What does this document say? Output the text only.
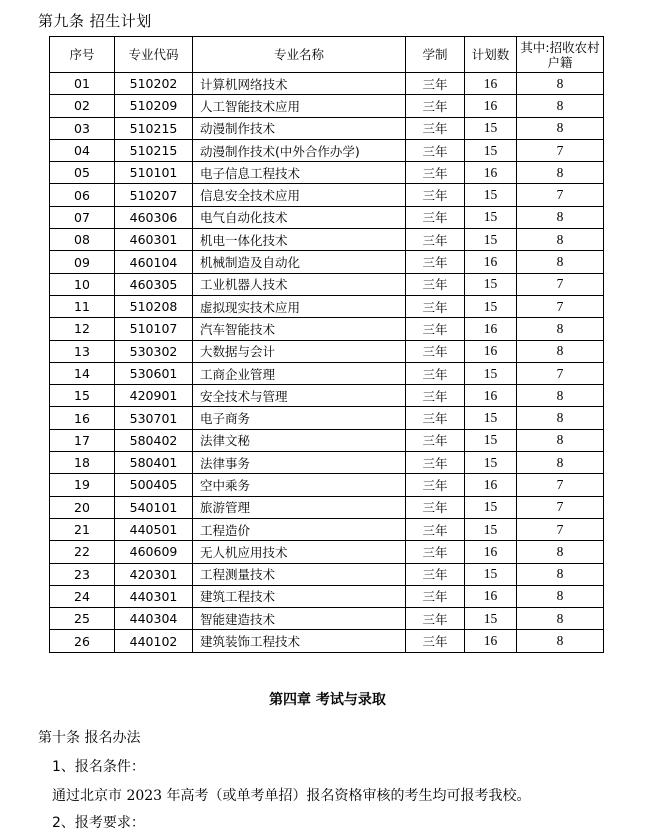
第九条 招生计划
序号	专业代码	专业名称	学制	计划数	其中:招收农村户籍
01	510202	计算机网络技术	三年	16	8
02	510209	人工智能技术应用	三年	16	8
03	510215	动漫制作技术	三年	15	8
04	510215	动漫制作技术(中外合作办学)	三年	15	7
05	510101	电子信息工程技术	三年	16	8
06	510207	信息安全技术应用	三年	15	7
07	460306	电气自动化技术	三年	15	8
08	460301	机电一体化技术	三年	15	8
09	460104	机械制造及自动化	三年	16	8
10	460305	工业机器人技术	三年	15	7
11	510208	虚拟现实技术应用	三年	15	7
12	510107	汽车智能技术	三年	16	8
13	530302	大数据与会计	三年	16	8
14	530601	工商企业管理	三年	15	7
15	420901	安全技术与管理	三年	16	8
16	530701	电子商务	三年	15	8
17	580402	法律文秘	三年	15	8
18	580401	法律事务	三年	15	8
19	500405	空中乘务	三年	16	7
20	540101	旅游管理	三年	15	7
21	440501	工程造价	三年	15	7
22	460609	无人机应用技术	三年	16	8
23	420301	工程测量技术	三年	15	8
24	440301	建筑工程技术	三年	16	8
25	440304	智能建造技术	三年	15	8
26	440102	建筑装饰工程技术	三年	16	8
第四章 考试与录取
第十条 报名办法
1、报名条件：
通过北京市 2023 年高考（或单考单招）报名资格审核的考生均可报考我校。
2、报考要求：
